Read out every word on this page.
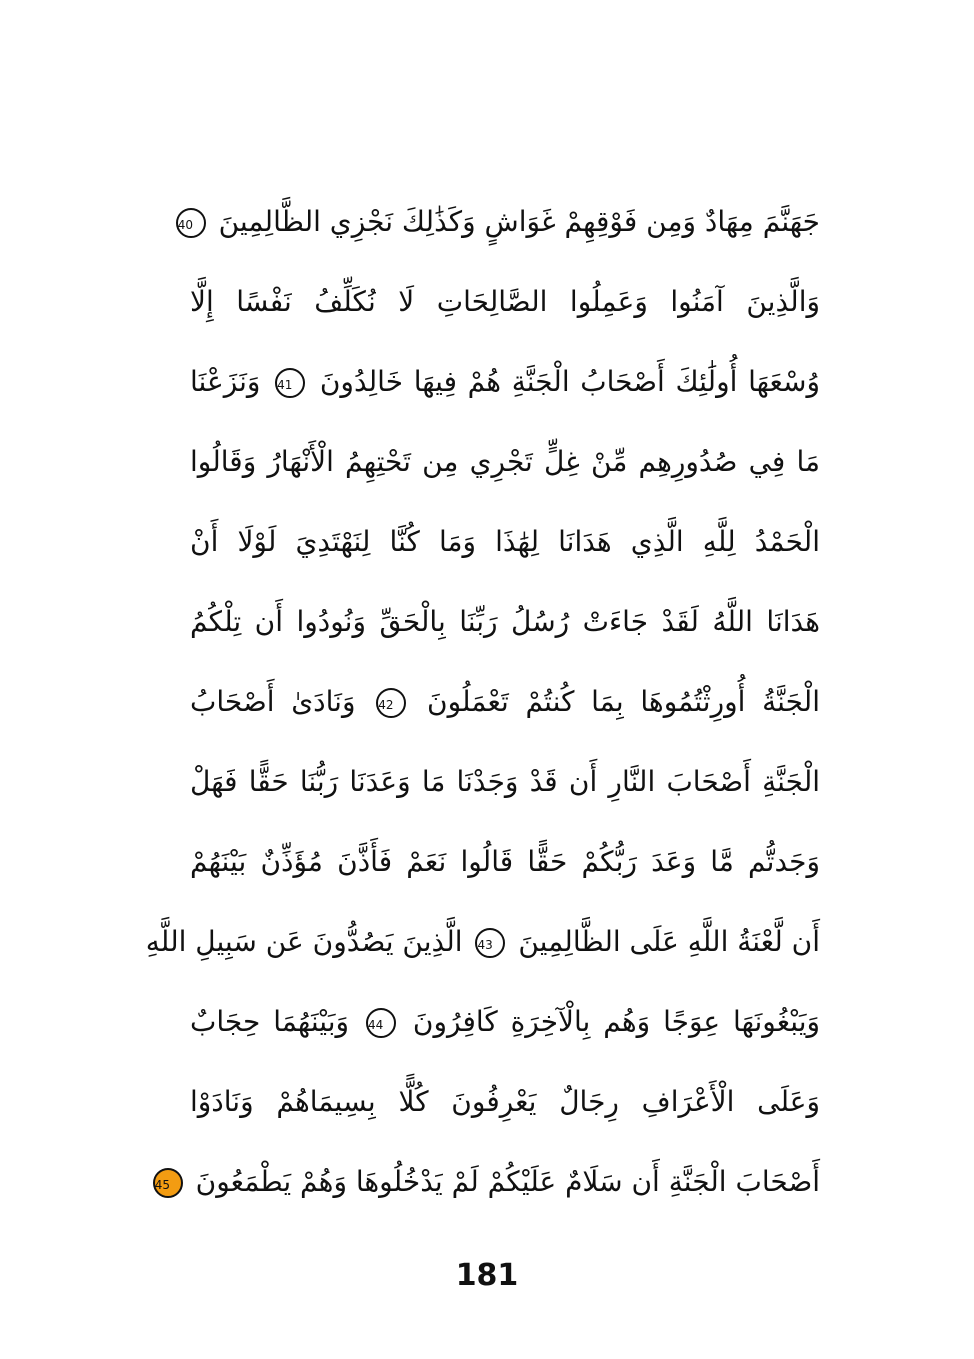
جَهَنَّمَ مِهَادٌ وَمِن فَوْقِهِمْ غَوَاشٍ وَكَذَٰلِكَ نَجْزِي الظَّالِمِينَ 40
وَالَّذِينَ آمَنُوا وَعَمِلُوا الصَّالِحَاتِ لَا نُكَلِّفُ نَفْسًا إِلَّا
وُسْعَهَا أُولَٰئِكَ أَصْحَابُ الْجَنَّةِ هُمْ فِيهَا خَالِدُونَ 41 وَنَزَعْنَا
مَا فِي صُدُورِهِم مِّنْ غِلٍّ تَجْرِي مِن تَحْتِهِمُ الْأَنْهَارُ وَقَالُوا
الْحَمْدُ لِلَّهِ الَّذِي هَدَانَا لِهَٰذَا وَمَا كُنَّا لِنَهْتَدِيَ لَوْلَا أَنْ
هَدَانَا اللَّهُ لَقَدْ جَاءَتْ رُسُلُ رَبِّنَا بِالْحَقِّ وَنُودُوا أَن تِلْكُمُ
الْجَنَّةُ أُورِثْتُمُوهَا بِمَا كُنتُمْ تَعْمَلُونَ 42 وَنَادَىٰ أَصْحَابُ
الْجَنَّةِ أَصْحَابَ النَّارِ أَن قَدْ وَجَدْنَا مَا وَعَدَنَا رَبُّنَا حَقًّا فَهَلْ
وَجَدتُّم مَّا وَعَدَ رَبُّكُمْ حَقًّا قَالُوا نَعَمْ فَأَذَّنَ مُؤَذِّنٌ بَيْنَهُمْ
أَن لَّعْنَةُ اللَّهِ عَلَى الظَّالِمِينَ 43 الَّذِينَ يَصُدُّونَ عَن سَبِيلِ اللَّهِ
وَيَبْغُونَهَا عِوَجًا وَهُم بِالْآخِرَةِ كَافِرُونَ 44 وَبَيْنَهُمَا حِجَابٌ
وَعَلَى الْأَعْرَافِ رِجَالٌ يَعْرِفُونَ كُلًّا بِسِيمَاهُمْ وَنَادَوْا
أَصْحَابَ الْجَنَّةِ أَن سَلَامٌ عَلَيْكُمْ لَمْ يَدْخُلُوهَا وَهُمْ يَطْمَعُونَ 45
181
